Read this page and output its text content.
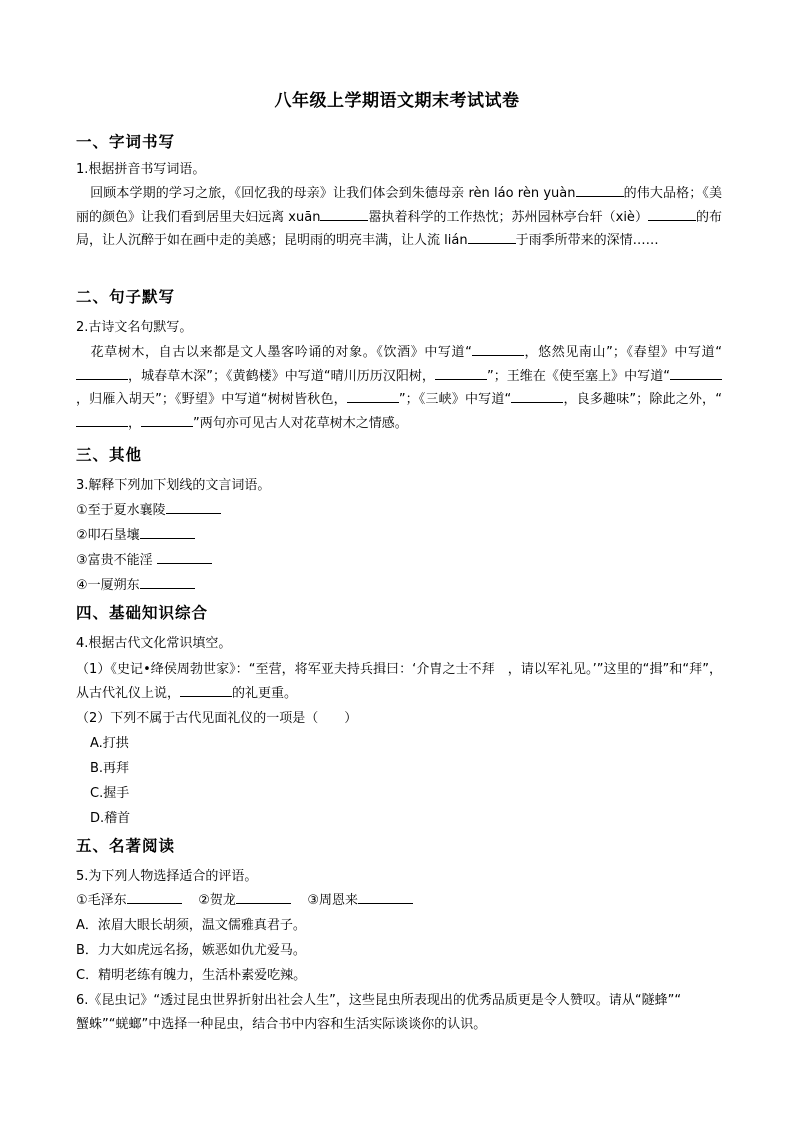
八年级上学期语文期末考试试卷
一、字词书写
1.根据拼音书写词语。
回顾本学期的学习之旅，《回忆我的母亲》让我们体会到朱德母亲 rèn láo rèn yuàn	的伟大品格；《美丽的颜色》让我们看到居里夫妇远离 xuān	嚣执着科学的工作热忱；苏州园林亭台轩（xiè）	的布局，让人沉醉于如在画中走的美感；昆明雨的明亮丰满，让人流 lián	于雨季所带来的深情……
二、句子默写
2.古诗文名句默写。
花草树木，自古以来都是文人墨客吟诵的对象。《饮酒》中写道“	，悠然见南山”；《春望》中写道“，城春草木深”；《黄鹤楼》中写道“晴川历历汉阳树，	”；王维在《使至塞上》中写道“，归雁入胡天”；《野望》中写道“树树皆秋色，	”；《三峡》中写道“	，良多趣味”；除此之外，“，	”两句亦可见古人对花草树木之情感。
三、其他
3.解释下列加下划线的文言词语。
①至于夏水襄陵
②叩石垦壤
③富贵不能淫
④一厦朔东
四、基础知识综合
4.根据古代文化常识填空。
（1）《史记•绛侯周勃世家》：“至营，将军亚夫持兵揖曰：‘介胄之士不拜　，请以军礼见。’”这里的“揖”和“拜”，从古代礼仪上说，	的礼更重。
（2）下列不属于古代见面礼仪的一项是（　　）
A.打拱
B.再拜
C.握手
D.稽首
五、名著阅读
5.为下列人物选择适合的评语。
①毛泽东	②贺龙	③周恩来
A．浓眉大眼长胡须，温文儒雅真君子。
B．力大如虎远名扬，嫉恶如仇尤爱马。
C．精明老练有魄力，生活朴素爱吃辣。
6.《昆虫记》“透过昆虫世界折射出社会人生”，这些昆虫所表现出的优秀品质更是令人赞叹。请从“隧蜂”“
蟹蛛”“蜣螂”中选择一种昆虫，结合书中内容和生活实际谈谈你的认识。
